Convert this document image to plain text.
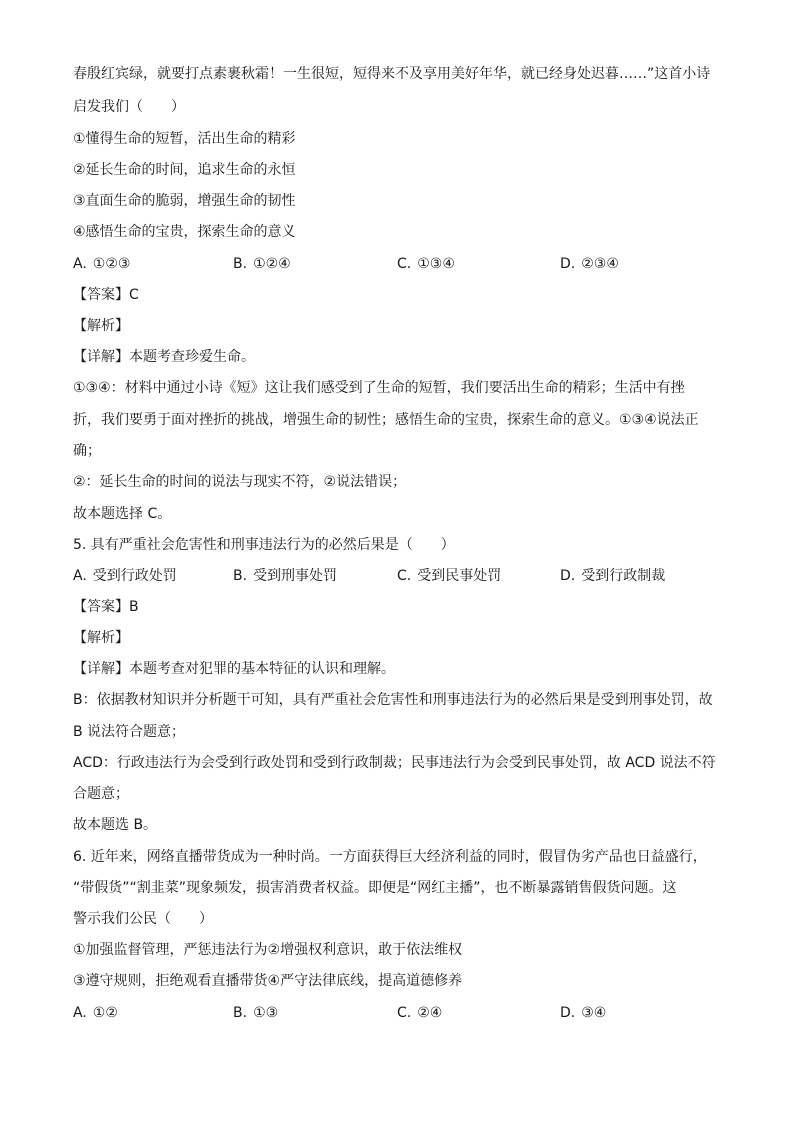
春殷红宾绿，就要打点素裹秋霜！一生很短，短得来不及享用美好年华，就已经身处迟暮……”这首小诗
启发我们（　　）
①懂得生命的短暂，活出生命的精彩
②延长生命的时间，追求生命的永恒
③直面生命的脆弱，增强生命的韧性
④感悟生命的宝贵，探索生命的意义
A. ①②③	B. ①②④	C. ①③④	D. ②③④
【答案】C
【解析】
【详解】本题考查珍爱生命。
①③④：材料中通过小诗《短》这让我们感受到了生命的短暂，我们要活出生命的精彩；生活中有挫
折，我们要勇于面对挫折的挑战，增强生命的韧性；感悟生命的宝贵，探索生命的意义。①③④说法正
确；
②：延长生命的时间的说法与现实不符，②说法错误；
故本题选择 C。
5. 具有严重社会危害性和刑事违法行为的必然后果是（　　）
A. 受到行政处罚	B. 受到刑事处罚	C. 受到民事处罚	D. 受到行政制裁
【答案】B
【解析】
【详解】本题考查对犯罪的基本特征的认识和理解。
B：依据教材知识并分析题干可知，具有严重社会危害性和刑事违法行为的必然后果是受到刑事处罚，故
B 说法符合题意；
ACD：行政违法行为会受到行政处罚和受到行政制裁；民事违法行为会受到民事处罚，故 ACD 说法不符
合题意；
故本题选 B。
6. 近年来，网络直播带货成为一种时尚。一方面获得巨大经济利益的同时，假冒伪劣产品也日益盛行，
“带假货”“割韭菜”现象频发，损害消费者权益。即便是“网红主播”，也不断暴露销售假货问题。这
警示我们公民（　　）
①加强监督管理，严惩违法行为②增强权利意识，敢于依法维权
③遵守规则，拒绝观看直播带货④严守法律底线，提高道德修养
A. ①②	B. ①③	C. ②④	D. ③④
